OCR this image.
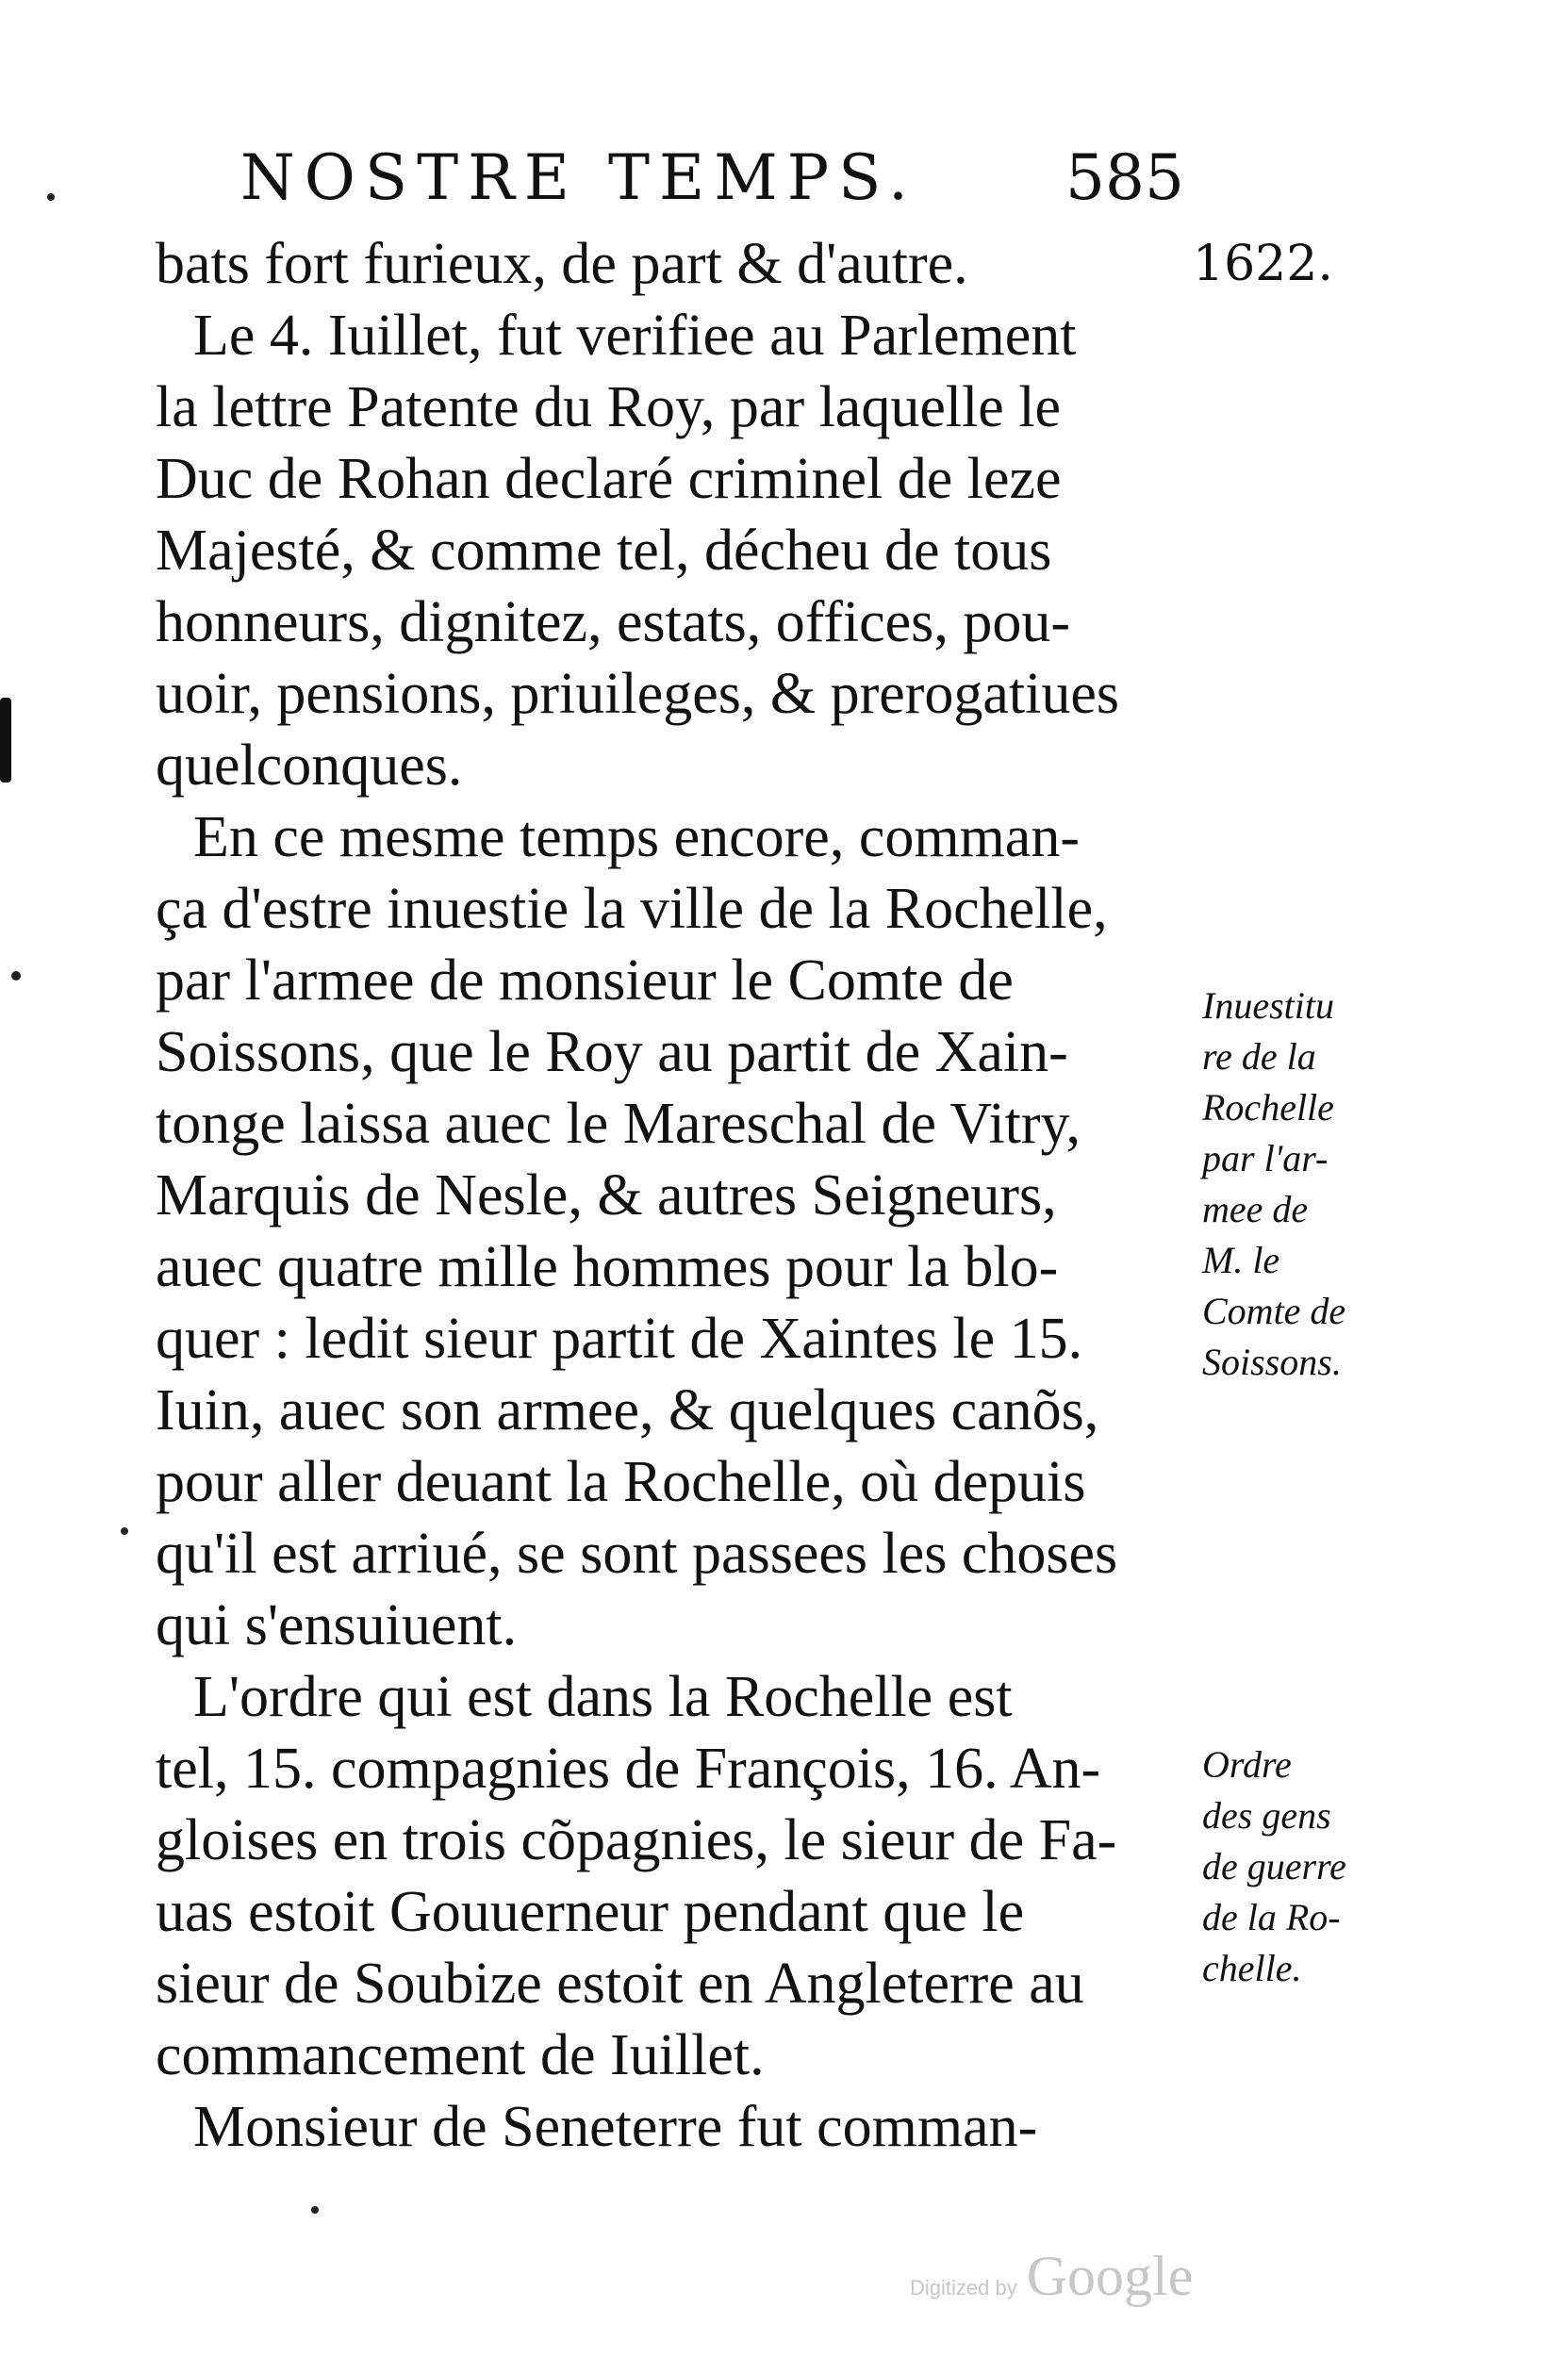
NOSTRE TEMPS. 585
1622.
bats fort furieux, de part & d'autre.
Le 4. Iuillet, fut verifiee au Parlement
la lettre Patente du Roy, par laquelle le
Duc de Rohan declaré criminel de leze
Majesté, & comme tel, décheu de tous
honneurs, dignitez, estats, offices, pou-
uoir, pensions, priuileges, & prerogatiues
quelconques.
En ce mesme temps encore, comman-
ça d'estre inuestie la ville de la Rochelle,
par l'armee de monsieur le Comte de
Soissons, que le Roy au partit de Xain-
tonge laissa auec le Mareschal de Vitry,
Marquis de Nesle, & autres Seigneurs,
auec quatre mille hommes pour la blo-
quer : ledit sieur partit de Xaintes le 15.
Iuin, auec son armee, & quelques canõs,
pour aller deuant la Rochelle, où depuis
qu'il est arriué, se sont passees les choses
qui s'ensuiuent.
L'ordre qui est dans la Rochelle est
tel, 15. compagnies de François, 16. An-
gloises en trois cõpagnies, le sieur de Fa-
uas estoit Gouuerneur pendant que le
sieur de Soubize estoit en Angleterre au
commancement de Iuillet.
Monsieur de Seneterre fut comman-
Inuestitu
re de la
Rochelle
par l'ar-
mee de
M. le
Comte de
Soissons.
Ordre
des gens
de guerre
de la Ro-
chelle.
Digitized by Google
